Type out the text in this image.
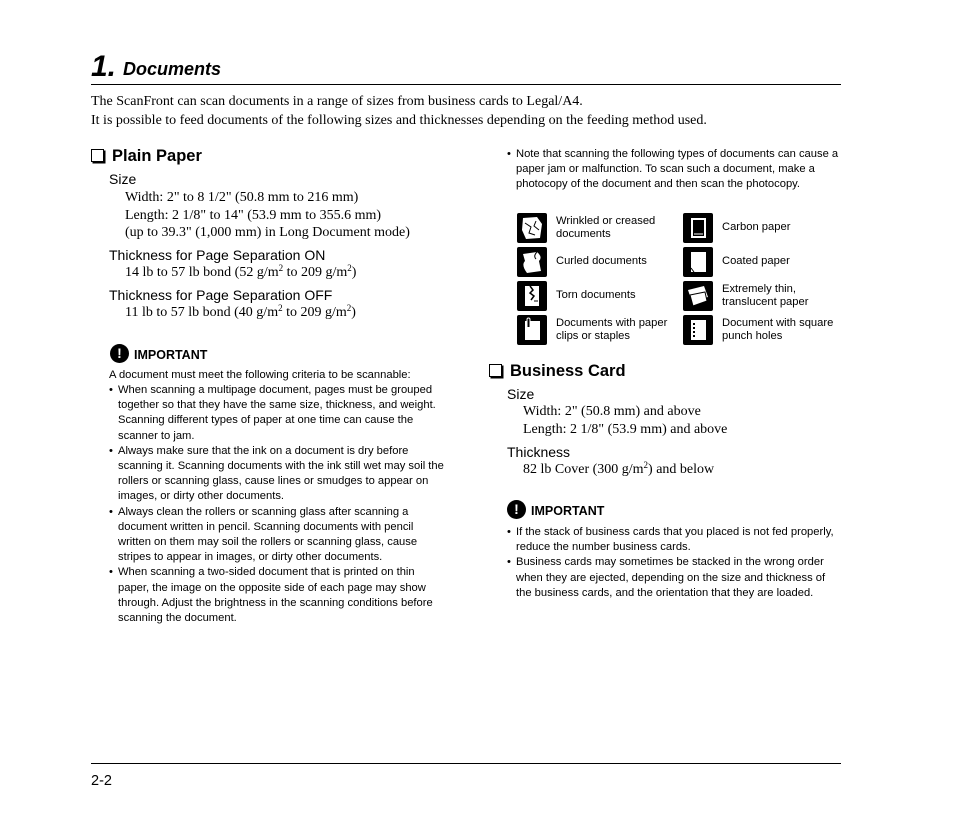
1. Documents
The ScanFront can scan documents in a range of sizes from business cards to Legal/A4.
It is possible to feed documents of the following sizes and thicknesses depending on the feeding method used.
Plain Paper
Size
Width: 2" to 8 1/2" (50.8 mm to 216 mm)
Length: 2 1/8" to 14" (53.9 mm to 355.6 mm)
(up to 39.3" (1,000 mm) in Long Document mode)
Thickness for Page Separation ON
14 lb to 57 lb bond (52 $g/m^2$ to 209 $g/m^2$)
Thickness for Page Separation OFF
11 lb to 57 lb bond (40 $g/m^2$ to 209 $g/m^2$)
! IMPORTANT
A document must meet the following criteria to be scannable:
• When scanning a multipage document, pages must be grouped together so that they have the same size, thickness, and weight. Scanning different types of paper at one time can cause the scanner to jam.
• Always make sure that the ink on a document is dry before scanning it. Scanning documents with the ink still wet may soil the rollers or scanning glass, cause lines or smudges to appear on images, or dirty other documents.
• Always clean the rollers or scanning glass after scanning a document written in pencil. Scanning documents with pencil written on them may soil the rollers or scanning glass, cause stripes to appear in images, or dirty other documents.
• When scanning a two-sided document that is printed on thin paper, the image on the opposite side of each page may show through. Adjust the brightness in the scanning conditions before scanning the document.
• Note that scanning the following types of documents can cause a paper jam or malfunction. To scan such a document, make a photocopy of the document and then scan the photocopy.
Wrinkled or creased documents
Carbon paper
Curled documents	Coated paper
Torn documents
Extremely thin, translucent paper
Documents with paper clips or staples
Document with square punch holes
Business Card
Size
Width: 2" (50.8 mm) and above
Length: 2 1/8" (53.9 mm) and above
Thickness
82 lb Cover (300 $g/m^2$) and below
! IMPORTANT
• If the stack of business cards that you placed is not fed properly, reduce the number business cards.
• Business cards may sometimes be stacked in the wrong order when they are ejected, depending on the size and thickness of the business cards, and the orientation that they are loaded.
2-2
